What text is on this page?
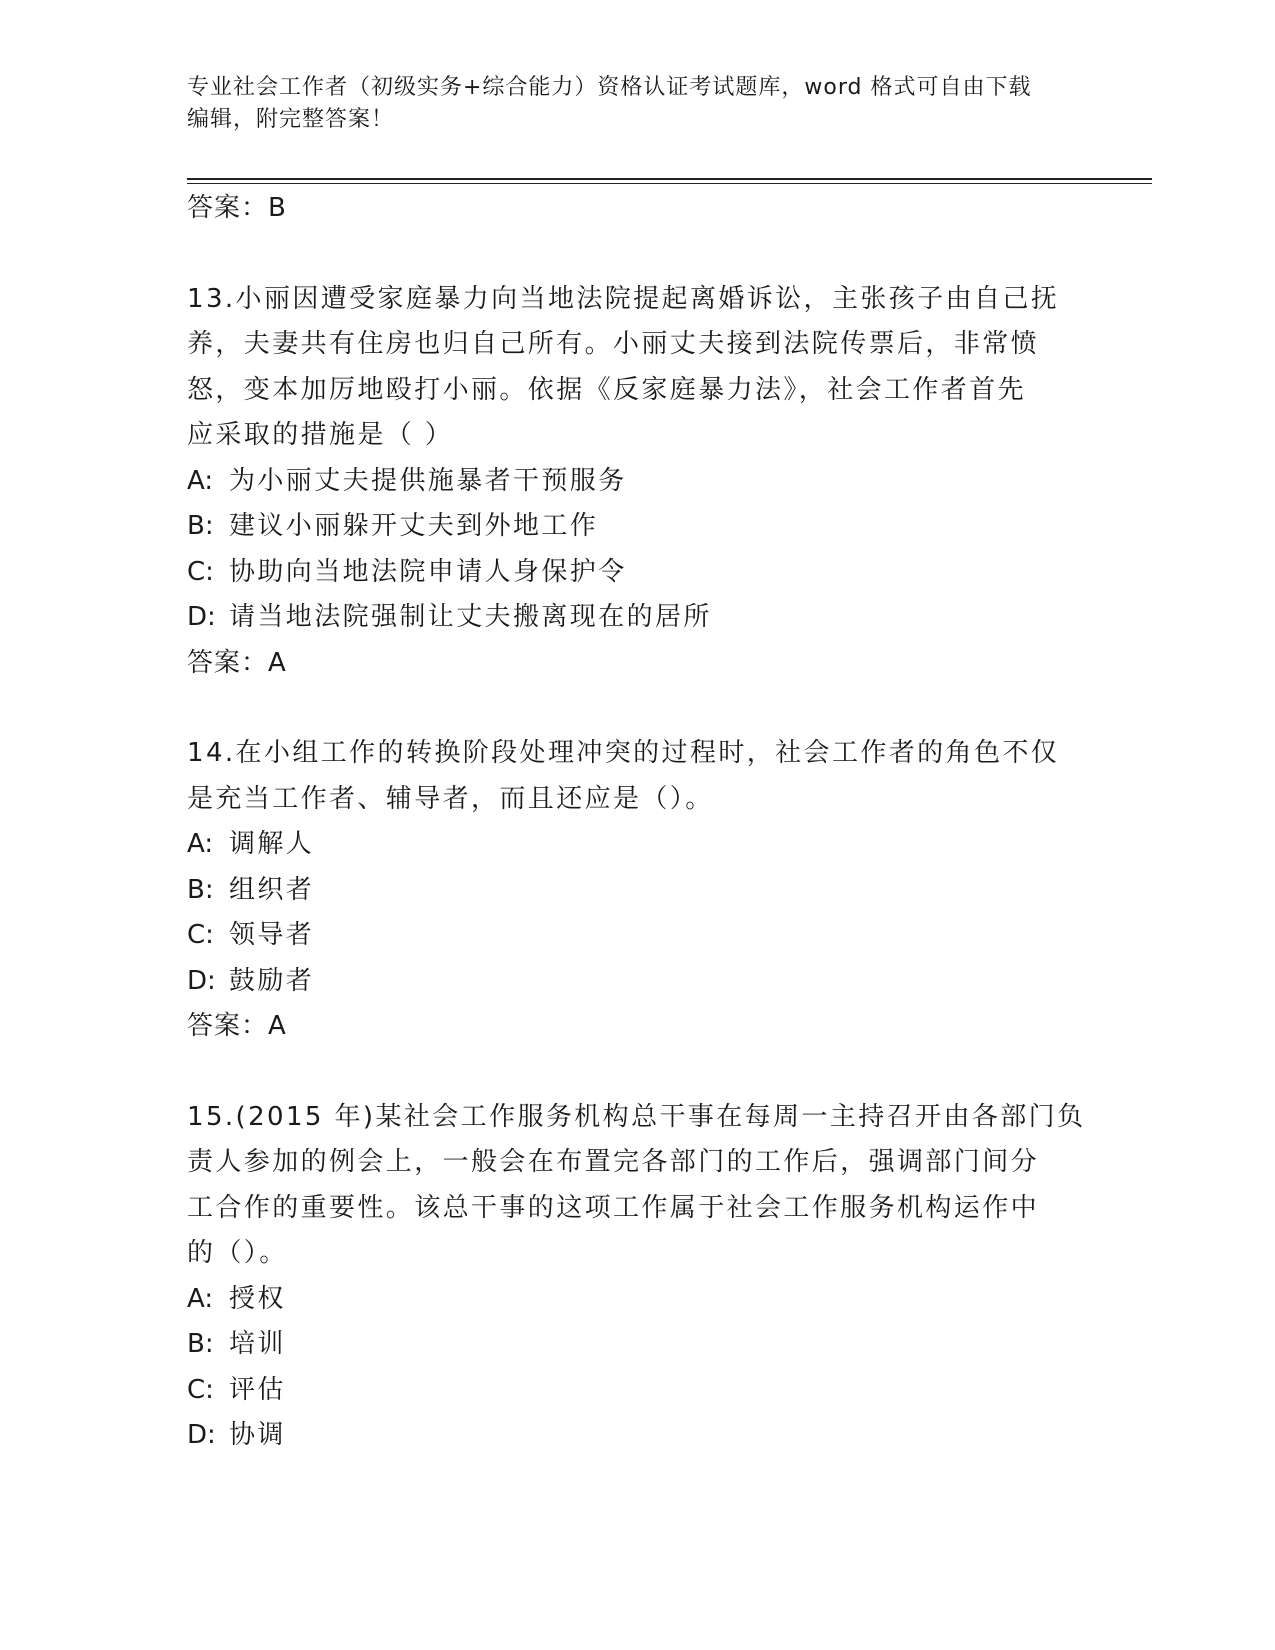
专业社会工作者（初级实务+综合能力）资格认证考试题库，word 格式可自由下载
编辑，附完整答案！
答案：B
13.小丽因遭受家庭暴力向当地法院提起离婚诉讼，主张孩子由自己抚
养，夫妻共有住房也归自己所有。小丽丈夫接到法院传票后，非常愤
怒，变本加厉地殴打小丽。依据《反家庭暴力法》，社会工作者首先
应采取的措施是（ ）
A: 为小丽丈夫提供施暴者干预服务
B: 建议小丽躲开丈夫到外地工作
C: 协助向当地法院申请人身保护令
D: 请当地法院强制让丈夫搬离现在的居所
答案：A
14.在小组工作的转换阶段处理冲突的过程时，社会工作者的角色不仅
是充当工作者、辅导者，而且还应是（）。
A: 调解人
B: 组织者
C: 领导者
D: 鼓励者
答案：A
15.(2015 年)某社会工作服务机构总干事在每周一主持召开由各部门负
责人参加的例会上，一般会在布置完各部门的工作后，强调部门间分
工合作的重要性。该总干事的这项工作属于社会工作服务机构运作中
的（）。
A: 授权
B: 培训
C: 评估
D: 协调
